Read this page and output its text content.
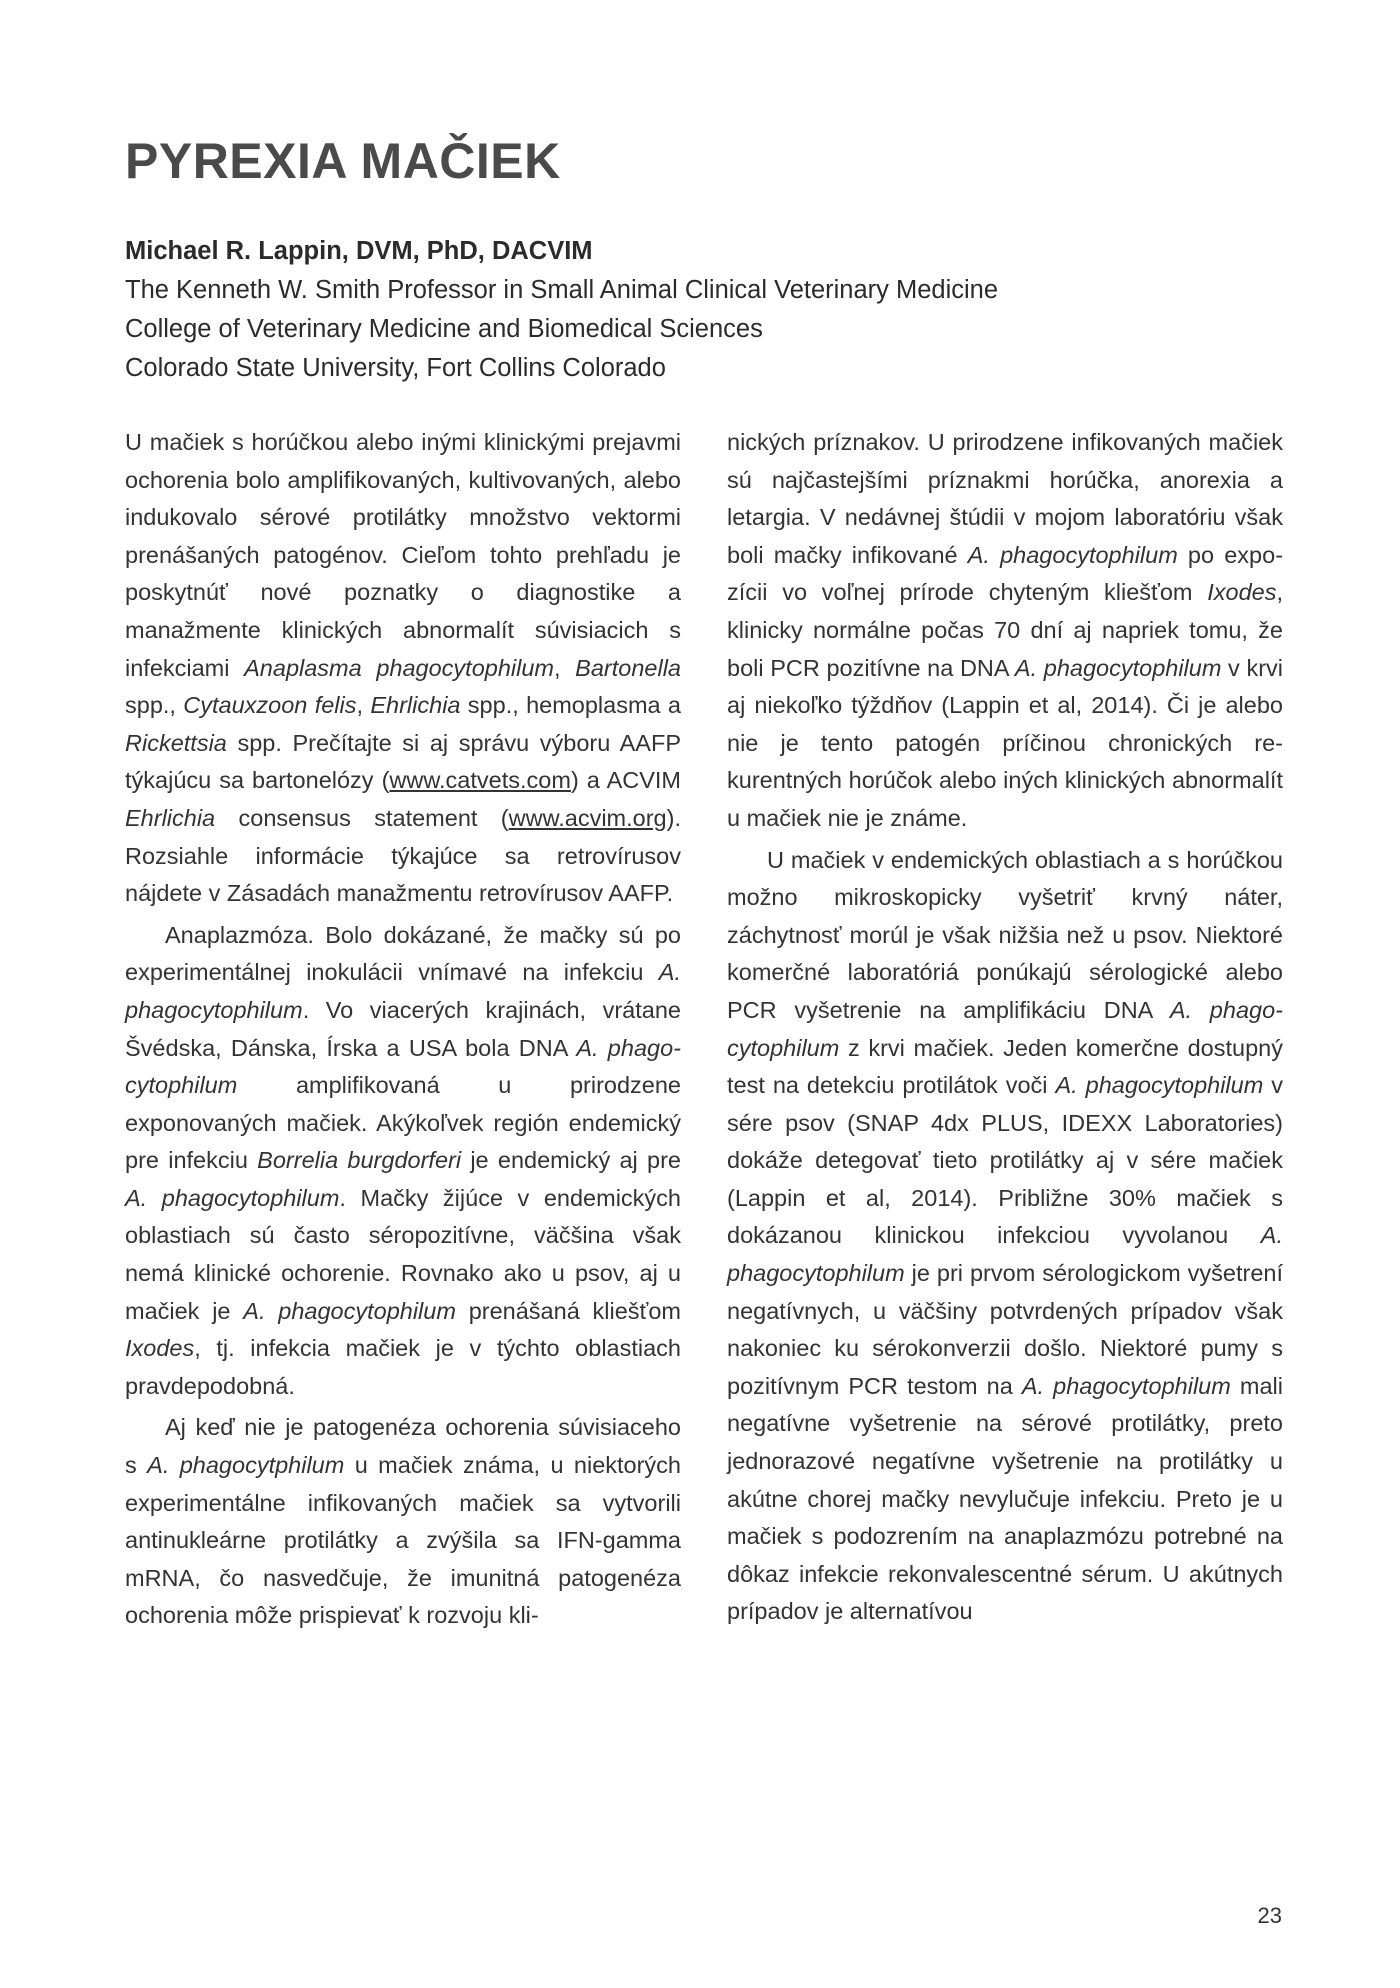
PYREXIA MAČIEK
Michael R. Lappin, DVM, PhD, DACVIM
The Kenneth W. Smith Professor in Small Animal Clinical Veterinary Medicine
College of Veterinary Medicine and Biomedical Sciences
Colorado State University, Fort Collins Colorado

U mačiek s horúčkou alebo inými klinickými prejavmi ochorenia bolo amplifikovaných, kultivovaných, alebo indukovalo sérové protilátky množstvo vektormi prenášaných patogénov. Cieľom tohto prehľadu je poskytnúť nové poznatky o diagnostike a manažmente klinických abnormalít súvisiacich s infekciami Anaplasma phagocytophilum, Bartonella spp., Cytauxzoon felis, Ehrlichia spp., hemoplasma a Rickettsia spp. Prečítajte si aj správu výboru AAFP týkajúcu sa bartonelózy (www.catvets.com) a ACVIM Ehrlichia consensus statement (www.acvim.org). Rozsiahle informácie týkajúce sa retrovírusov nájdete v Zásadách manažmentu retrovírusov AAFP.

Anaplazmóza. Bolo dokázané, že mačky sú po experimentálnej inokulácii vnímavé na infekciu A. phagocytophilum. Vo viacerých krajinách, vrátane Švédska, Dánska, Írska a USA bola DNA A. phagocytophilum amplifikovaná u prirodzene exponovaných mačiek. Akýkoľvek región endemický pre infekciu Borrelia burgdorferi je endemický aj pre A. phagocytophilum. Mačky žijúce v endemických oblastiach sú často séropozitívne, väčšina však nemá klinické ochorenie. Rovnako ako u psov, aj u mačiek je A. phagocytophilum prenášaná kliešťom Ixodes, tj. infekcia mačiek je v týchto oblastiach pravdepodobná.

Aj keď nie je patogenéza ochorenia súvisiaceho s A. phagocytphilum u mačiek známa, u niektorých experimentálne infikovaných mačiek sa vytvorili antinukleárne protilátky a zvýšila sa IFN-gamma mRNA, čo nasvedčuje, že imunitná patogenéza ochorenia môže prispievať k rozvoju kli-

nických príznakov. U prirodzene infikovaných mačiek sú najčastejšími príznakmi horúčka, anorexia a letargia. V nedávnej štúdii v mojom laboratóriu však boli mačky infikované A. phagocytophilum po expozícii vo voľnej prírode chyteným kliešťom Ixodes, klinicky normálne počas 70 dní aj napriek tomu, že boli PCR pozitívne na DNA A. phagocytophilum v krvi aj niekoľko týždňov (Lappin et al, 2014). Či je alebo nie je tento patogén príčinou chronických rekurentných horúčok alebo iných klinických abnormalít u mačiek nie je známe.

U mačiek v endemických oblastiach a s horúčkou možno mikroskopicky vyšetriť krvný náter, záchytnosť morúl je však nižšia než u psov. Niektoré komerčné laboratóriá ponúkajú sérologické alebo PCR vyšetrenie na amplifikáciu DNA A. phagocytophilum z krvi mačiek. Jeden komerčne dostupný test na detekciu protilátok voči A. phagocytophilum v sére psov (SNAP 4dx PLUS, IDEXX Laboratories) dokáže detegovať tieto protilátky aj v sére mačiek (Lappin et al, 2014). Približne 30% mačiek s dokázanou klinickou infekciou vyvolanou A. phagocytophilum je pri prvom sérologickom vyšetrení negatívnych, u väčšiny potvrdených prípadov však nakoniec ku sérokonverzii došlo. Niektoré pumy s pozitívnym PCR testom na A. phagocytophilum mali negatívne vyšetrenie na sérové protilátky, preto jednorazové negatívne vyšetrenie na protilátky u akútne chorej mačky nevylučuje infekciu. Preto je u mačiek s podozrením na anaplazmózu potrebné na dôkaz infekcie rekonvalescentné sérum. U akútnych prípadov je alternatívou

23
